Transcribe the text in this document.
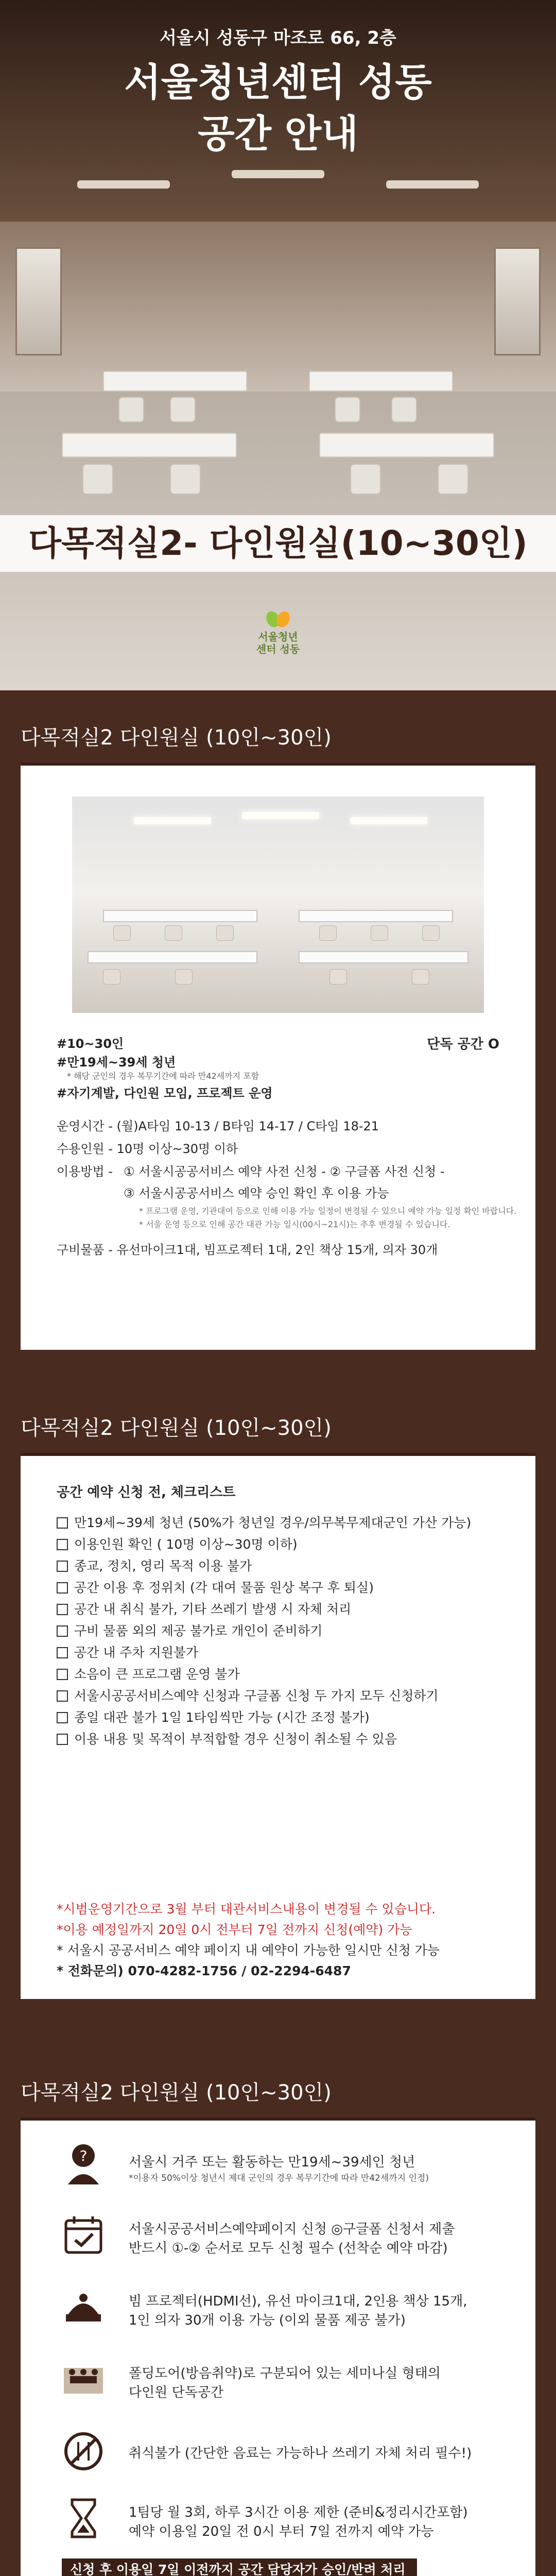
서울시 성동구 마조로 66, 2층
서울청년센터 성동
공간 안내
다목적실2- 다인원실(10~30인)
서울청년
센터 성동
다목적실2 다인원실 (10인~30인)
#10~30인	단독 공간 O
#만19세~39세 청년
* 해당 군인의 경우 복무기간에 따라 만42세까지 포함
#자기계발, 다인원 모임, 프로젝트 운영
운영시간 - (월)A타임 10-13 / B타임 14-17 / C타임 18-21
수용인원 - 10명 이상~30명 이하
이용방법 - ① 서울시공공서비스 예약 사전 신청 - ② 구글폼 사전 신청 -
③ 서울시공공서비스 예약 승인 확인 후 이용 가능
* 프로그램 운영, 기관대여 등으로 인해 이용 가능 일정이 변경될 수 있으니 예약 가능 일정 확인 바랍니다.
* 서울 운영 등으로 인해 공간 대관 가능 일시(00시~21시)는 추후 변경될 수 있습니다.
구비물품 - 유선마이크1대, 빔프로젝터 1대, 2인 책상 15개, 의자 30개
다목적실2 다인원실 (10인~30인)
공간 예약 신청 전, 체크리스트
만19세~39세 청년 (50%가 청년일 경우/의무복무제대군인 가산 가능)
이용인원 확인 ( 10명 이상~30명 이하)
종교, 정치, 영리 목적 이용 불가
공간 이용 후 정위치 (각 대여 물품 원상 복구 후 퇴실)
공간 내 취식 불가, 기타 쓰레기 발생 시 자체 처리
구비 물품 외의 제공 불가로 개인이 준비하기
공간 내 주차 지원불가
소음이 큰 프로그램 운영 불가
서울시공공서비스예약 신청과 구글폼 신청 두 가지 모두 신청하기
종일 대관 불가 1일 1타임씩만 가능 (시간 조정 불가)
이용 내용 및 목적이 부적합할 경우 신청이 취소될 수 있음
*시범운영기간으로 3월 부터 대관서비스내용이 변경될 수 있습니다.
*이용 예정일까지 20일 0시 전부터 7일 전까지 신청(예약) 가능
* 서울시 공공서비스 예약 페이지 내 예약이 가능한 일시만 신청 가능
* 전화문의) 070-4282-1756 / 02-2294-6487
다목적실2 다인원실 (10인~30인)
?	서울시 거주 또는 활동하는 만19세~39세인 청년
*이용자 50%이상 청년시 제대 군인의 경우 복무기간에 따라 만42세까지 인정)
서울시공공서비스예약페이지 신청 ◎구글폼 신청서 제출
반드시 ①-② 순서로 모두 신청 필수 (선착순 예약 마감)
빔 프로젝터(HDMI선), 유선 마이크1대, 2인용 책상 15개,
1인 의자 30개 이용 가능 (이외 물품 제공 불가)
폴딩도어(방음취약)로 구분되어 있는 세미나실 형태의
다인원 단독공간
취식불가 (간단한 음료는 가능하나 쓰레기 자체 처리 필수!)
1팀당 월 3회, 하루 3시간 이용 제한 (준비&정리시간포함)
예약 이용일 20일 전 0시 부터 7일 전까지 예약 가능
신청 후 이용일 7일 이전까지 공간 담당자가 승인/반려 처리
